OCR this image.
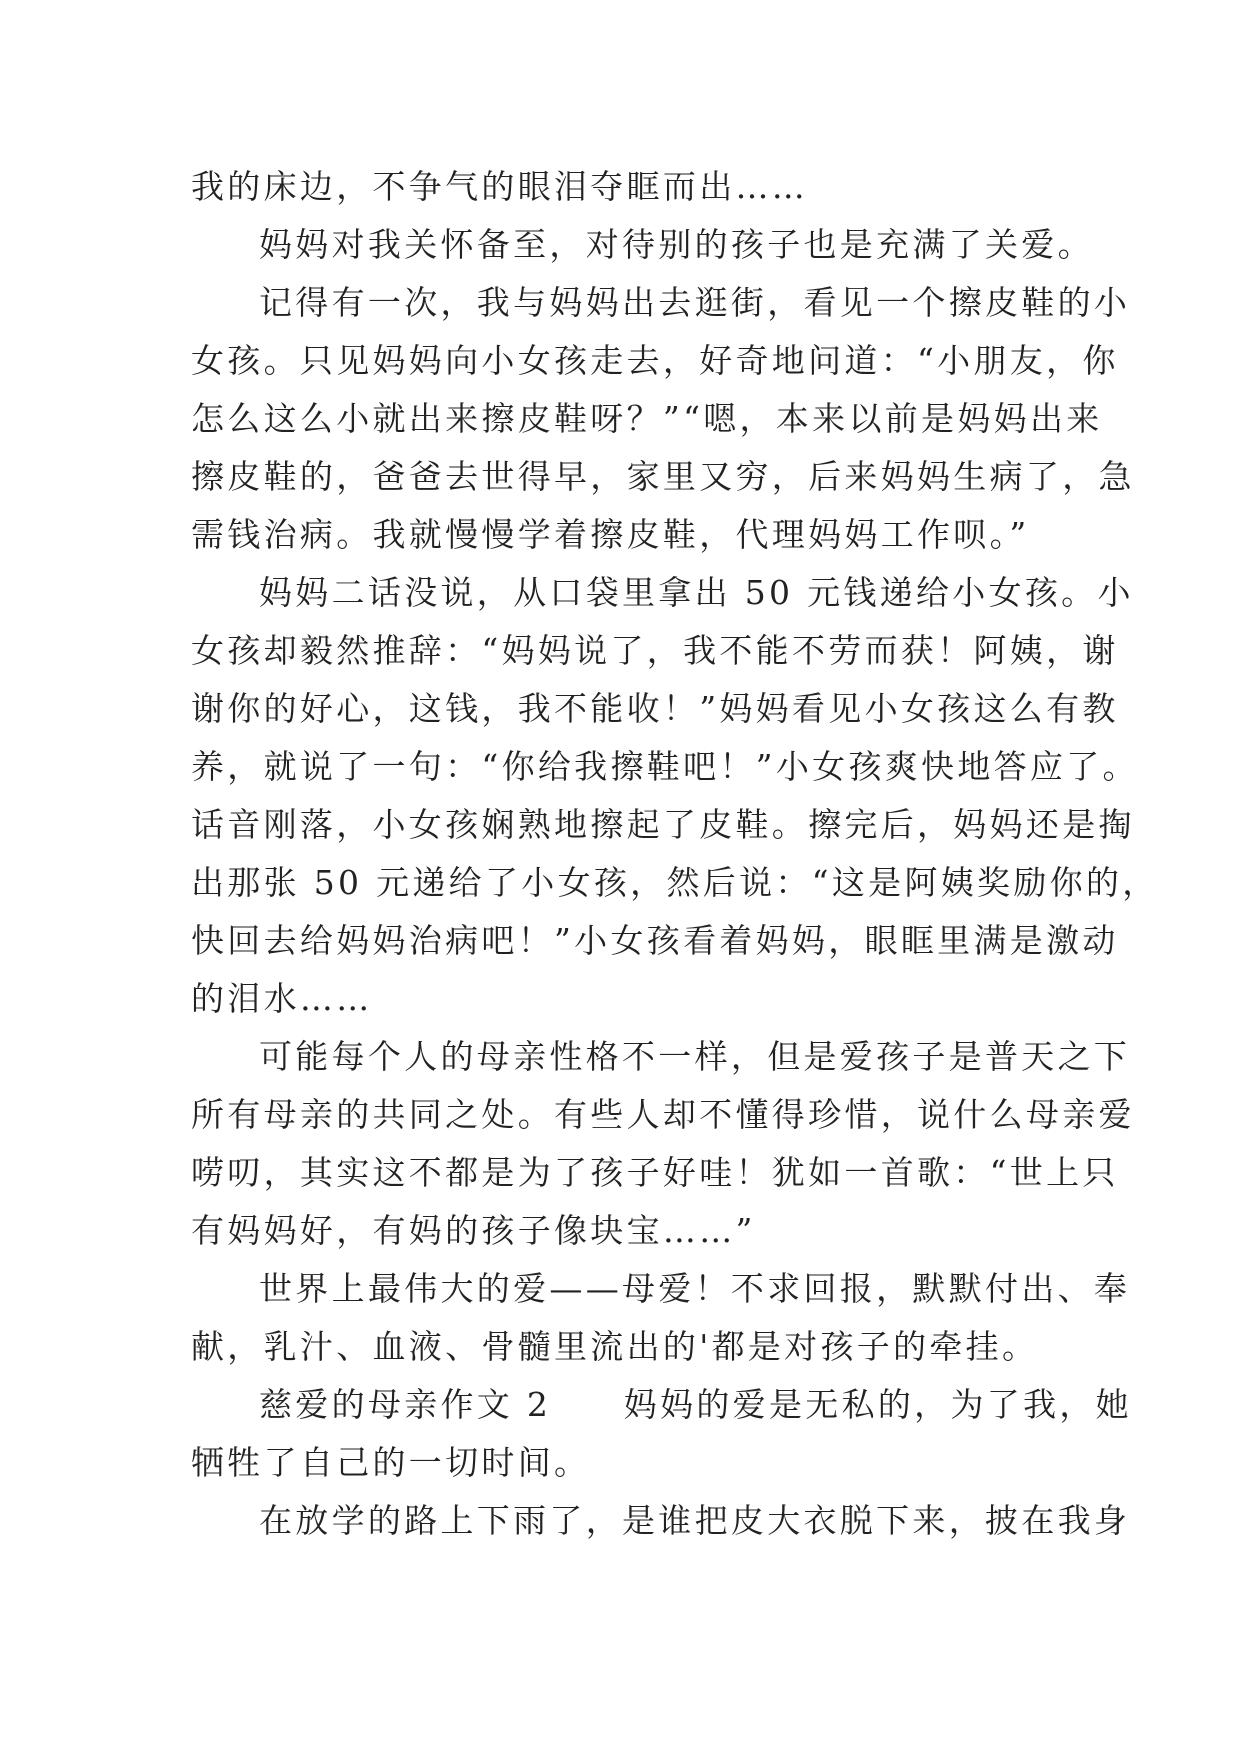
我的床边，不争气的眼泪夺眶而出……
妈妈对我关怀备至，对待别的孩子也是充满了关爱。
记得有一次，我与妈妈出去逛街，看见一个擦皮鞋的小
女孩。只见妈妈向小女孩走去，好奇地问道：“小朋友，你
怎么这么小就出来擦皮鞋呀？”“嗯，本来以前是妈妈出来
擦皮鞋的，爸爸去世得早，家里又穷，后来妈妈生病了，急
需钱治病。我就慢慢学着擦皮鞋，代理妈妈工作呗。”
妈妈二话没说，从口袋里拿出 50 元钱递给小女孩。小
女孩却毅然推辞：“妈妈说了，我不能不劳而获！阿姨，谢
谢你的好心，这钱，我不能收！”妈妈看见小女孩这么有教
养，就说了一句：“你给我擦鞋吧！”小女孩爽快地答应了。
话音刚落，小女孩娴熟地擦起了皮鞋。擦完后，妈妈还是掏
出那张 50 元递给了小女孩，然后说：“这是阿姨奖励你的，
快回去给妈妈治病吧！”小女孩看着妈妈，眼眶里满是激动
的泪水……
可能每个人的母亲性格不一样，但是爱孩子是普天之下
所有母亲的共同之处。有些人却不懂得珍惜，说什么母亲爱
唠叨，其实这不都是为了孩子好哇！犹如一首歌：“世上只
有妈妈好，有妈的孩子像块宝……”
世界上最伟大的爱——母爱！不求回报，默默付出、奉
献，乳汁、血液、骨髓里流出的'都是对孩子的牵挂。
慈爱的母亲作文 2　　妈妈的爱是无私的，为了我，她
牺牲了自己的一切时间。
在放学的路上下雨了，是谁把皮大衣脱下来，披在我身
